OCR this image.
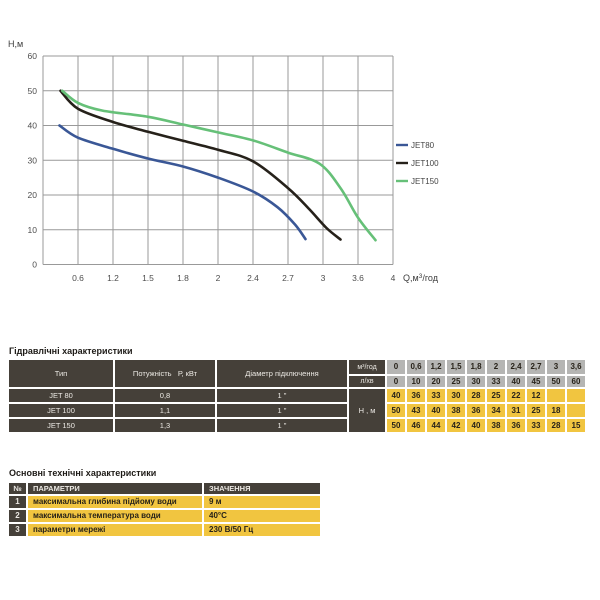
0
10
20
30
40
50
60
0.6	1.2	1.5	1.8	2	2.4	2.7	3	3.6	4
Н,м
$Q,м^3$/год
JET80
JET100
JET150
Гідравлічні характеристики
Тип	Потужність   Р, кВт	Діаметр підключення	м³/год	0	0,6	1,2	1,5	1,8	2	2,4	2,7	3	3,6
			л/хв	0	10	20	25	30	33	40	45	50	60
JET 80	0,8	1 "	Н , м	40	36	33	30	28	25	22	12		
JET 100	1,1	1 "		50	43	40	38	36	34	31	25	18	
JET 150	1,3	1 "		50	46	44	42	40	38	36	33	28	15
Основні технічні характеристики
№	ПАРАМЕТРИ	ЗНАЧЕННЯ
1	максимальна глибина підйому води	9 м
2	максимальна температура води	40°С
3	параметри мережі	230 В/50 Гц
